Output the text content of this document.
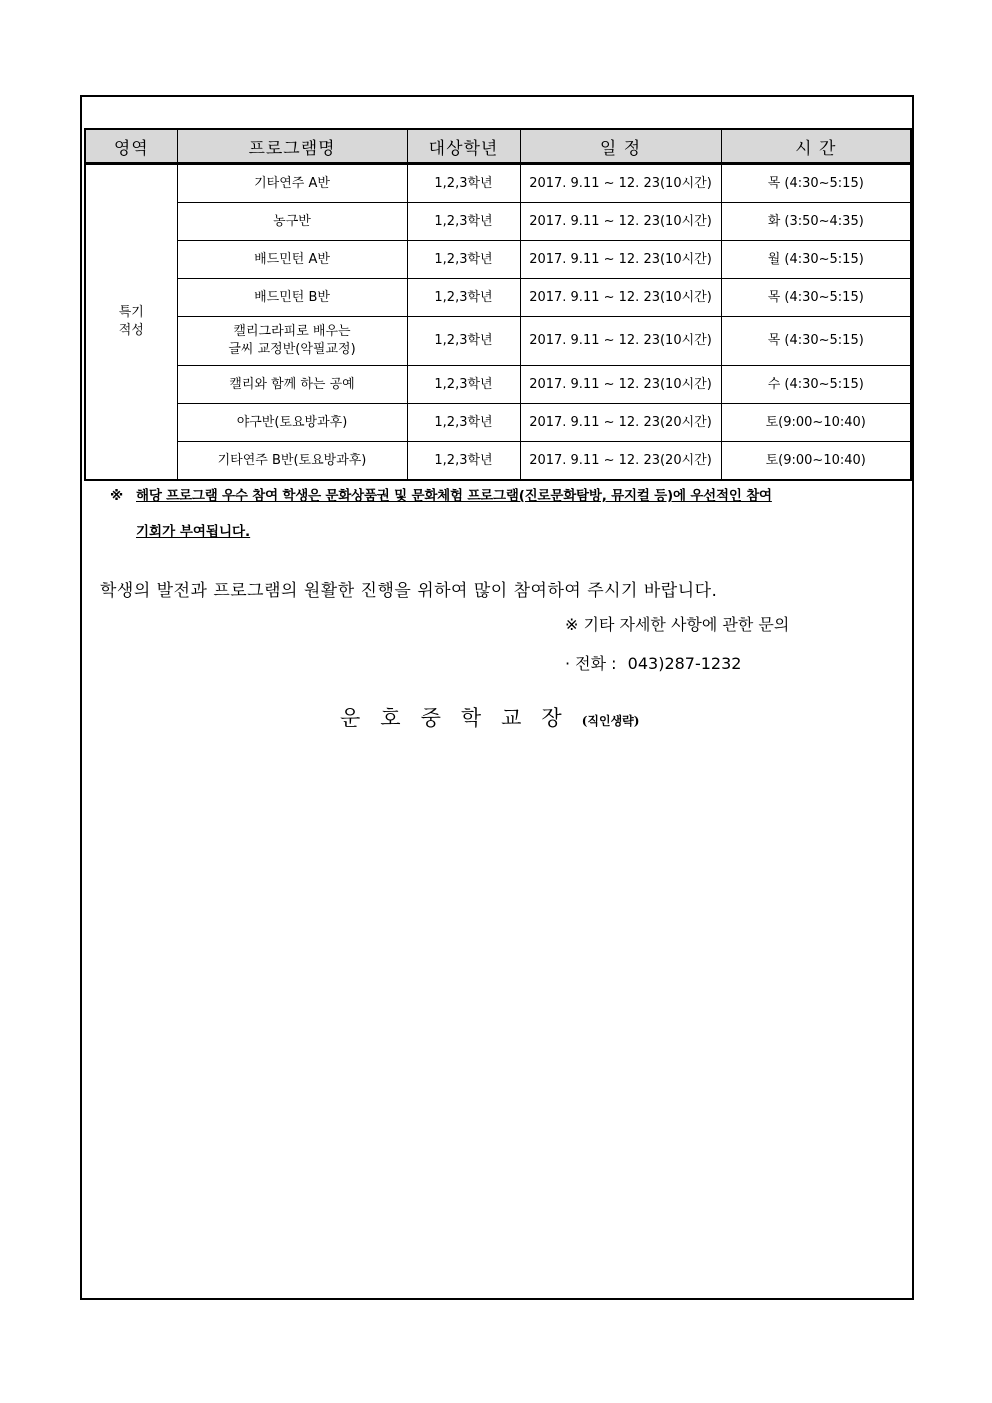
영역	프로그램명	대상학년	일 정	시 간
특기
적성	기타연주 A반	1,2,3학년	2017. 9.11 ~ 12. 23(10시간)	목 (4:30~5:15)
	농구반	1,2,3학년	2017. 9.11 ~ 12. 23(10시간)	화 (3:50~4:35)
	배드민턴 A반	1,2,3학년	2017. 9.11 ~ 12. 23(10시간)	월 (4:30~5:15)
	배드민턴 B반	1,2,3학년	2017. 9.11 ~ 12. 23(10시간)	목 (4:30~5:15)
	캘리그라피로 배우는
글씨 교정반(악필교정)	1,2,3학년	2017. 9.11 ~ 12. 23(10시간)	목 (4:30~5:15)
	캘리와 함께 하는 공예	1,2,3학년	2017. 9.11 ~ 12. 23(10시간)	수 (4:30~5:15)
	야구반(토요방과후)	1,2,3학년	2017. 9.11 ~ 12. 23(20시간)	토(9:00~10:40)
	기타연주 B반(토요방과후)	1,2,3학년	2017. 9.11 ~ 12. 23(20시간)	토(9:00~10:40)
※ 해당 프로그램 우수 참여 학생은 문화상품권 및 문화체험 프로그램(진로문화탐방, 뮤지컬 등)에 우선적인 참여
기회가 부여됩니다.
학생의 발전과 프로그램의 원활한 진행을 위하여 많이 참여하여 주시기 바랍니다.
※ 기타 자세한 사항에 관한 문의
· 전화 : 043)287-1232
운호중학교장(직인생략)
